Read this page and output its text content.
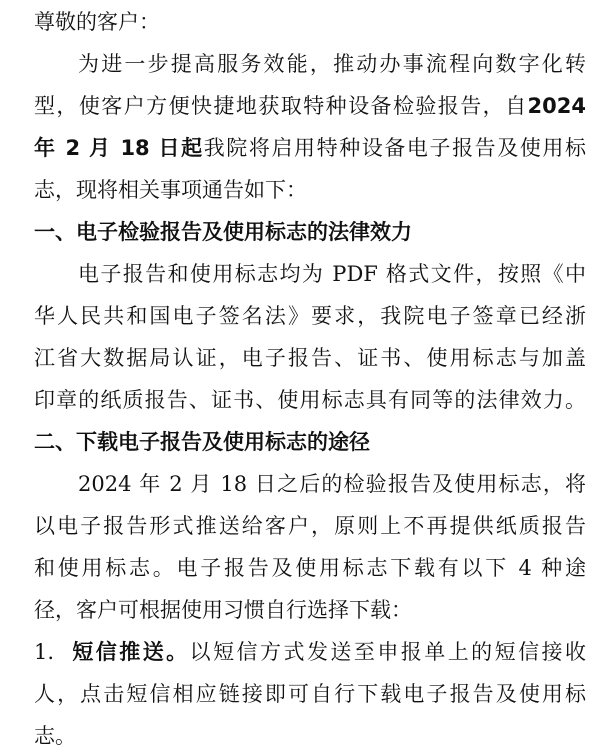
尊敬的客户：
为进一步提高服务效能，推动办事流程向数字化转
型，使客户方便快捷地获取特种设备检验报告，自2024
年 2 月 18 日起我院将启用特种设备电子报告及使用标
志，现将相关事项通告如下：
一、电子检验报告及使用标志的法律效力
电子报告和使用标志均为 PDF 格式文件，按照《中
华人民共和国电子签名法》要求，我院电子签章已经浙
江省大数据局认证，电子报告、证书、使用标志与加盖
印章的纸质报告、证书、使用标志具有同等的法律效力。
二、下载电子报告及使用标志的途径
2024 年 2 月 18 日之后的检验报告及使用标志，将
以电子报告形式推送给客户，原则上不再提供纸质报告
和使用标志。电子报告及使用标志下载有以下 4 种途
径，客户可根据使用习惯自行选择下载：
1. 短信推送。以短信方式发送至申报单上的短信接收
人，点击短信相应链接即可自行下载电子报告及使用标
志。
